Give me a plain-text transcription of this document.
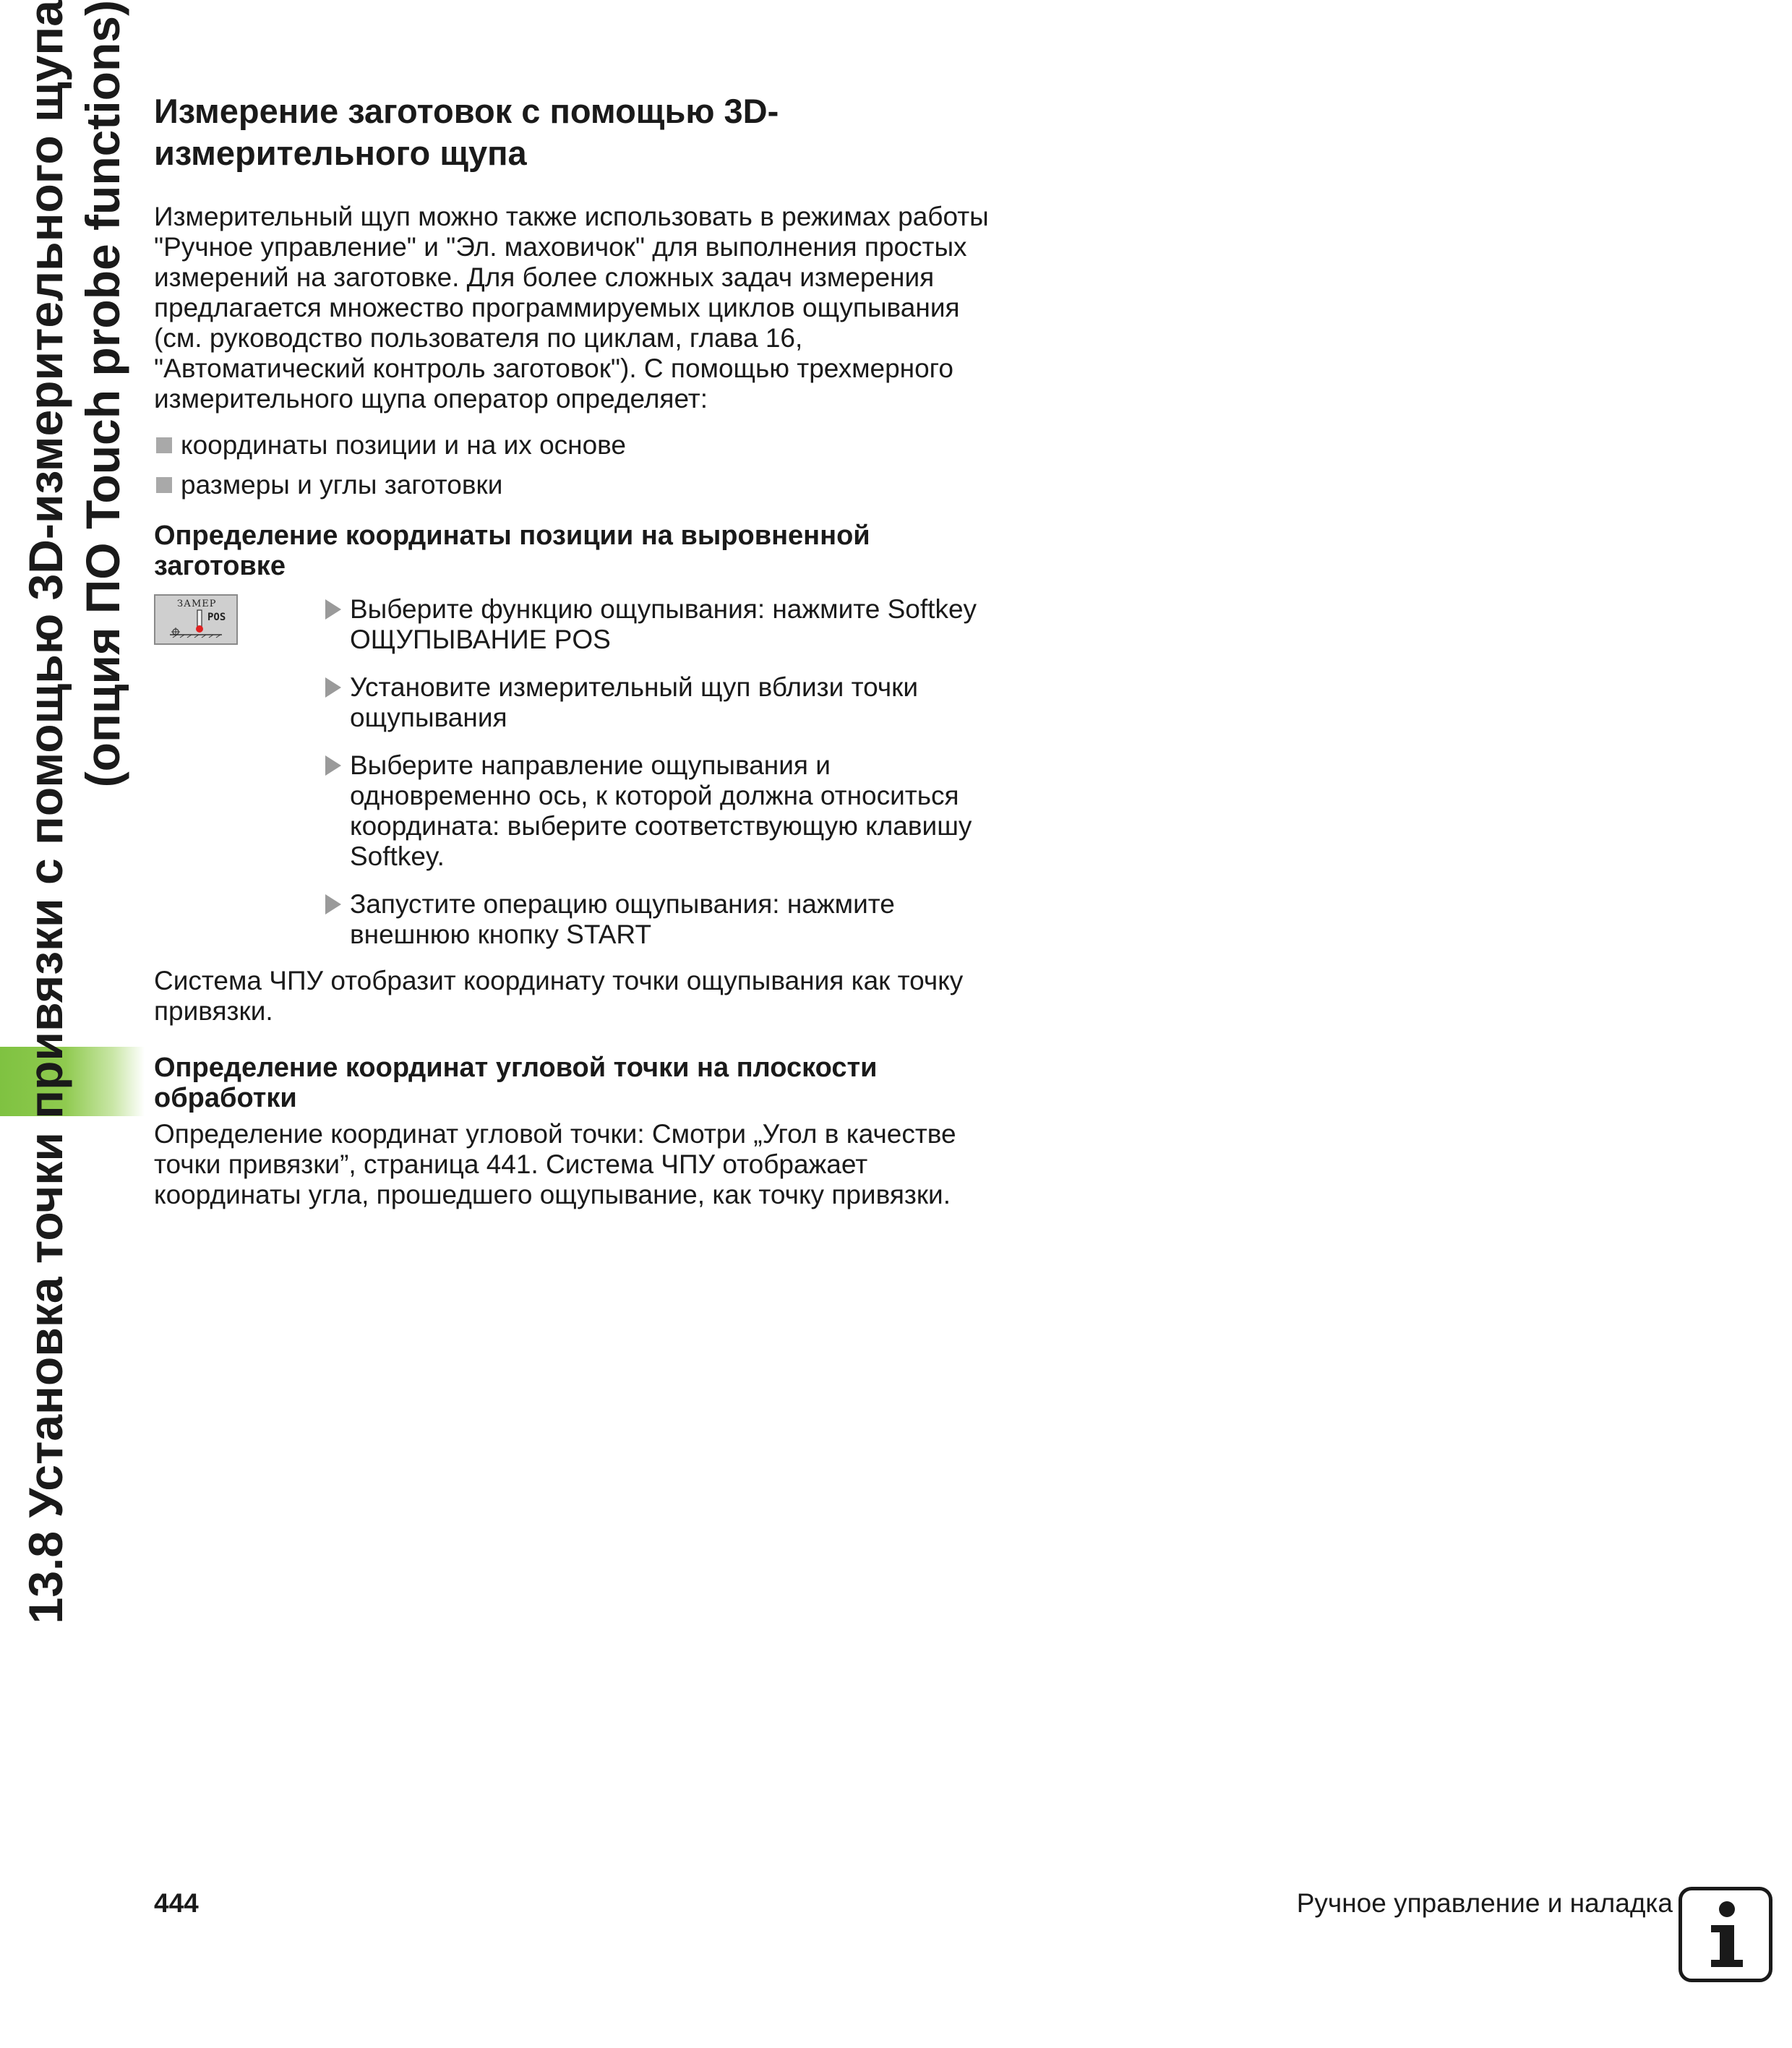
13.8 Установка точки привязки с помощью 3D-измерительного щупа (опция ПО Touch probe functions) Измерение заготовок с помощью 3D-измерительного щупа

Измерительный щуп можно также использовать в режимах работы "Ручное управление" и "Эл. маховичок" для выполнения простых измерений на заготовке. Для более сложных задач измерения предлагается множество программируемых циклов ощупывания (см. руководство пользователя по циклам, глава 16, "Автоматический контроль заготовок"). С помощью трехмерного измерительного щупа оператор определяет:

координаты позиции и на их основе
размеры и углы заготовки
Определение координаты позиции на выровненной заготовке
ЗАМЕР
POS	Выберите функцию ощупывания: нажмите Softkey ОЩУПЫВАНИЕ POS
Установите измерительный щуп вблизи точки ощупывания
Выберите направление ощупывания и одновременно ось, к которой должна относиться координата: выберите соответствующую клавишу Softkey.
Запустите операцию ощупывания: нажмите внешнюю кнопку START

Система ЧПУ отобразит координату точки ощупывания как точку привязки.

Определение координат угловой точки на плоскости обработки

Определение координат угловой точки: Смотри „Угол в качестве точки привязки”, страница 441. Система ЧПУ отображает координаты угла, прошедшего ощупывание, как точку привязки.

444	Ручное управление и наладка
